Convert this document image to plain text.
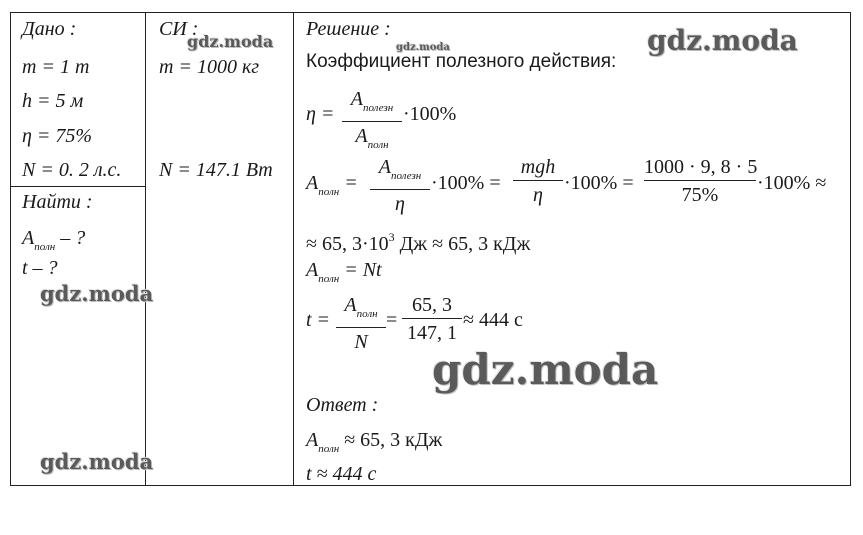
Дано :
m = 1 т
h = 5 м
η = 75%
N = 0. 2 л.с.
Найти :
$A_{полн}$ – ?
t – ?
СИ :
m = 1000 кг
N = 147.1 Вт
Решение :
Коэффициент полезного действия:
η =
$A_{полезн}$
$A_{полн}$
·100%
$A_{полн}$ =
$A_{полезн}$
η
·100% =
mgh
η
·100% =
1000 · 9, 8 · 5
75%
·100% ≈
≈ 65, $3\cdot 10^3$ Дж ≈ 65, 3 кДж
$A_{полн} = Nt$
t =
$A_{полн}$
N
=
65, 3
147, 1
≈ 444 с
Ответ :
$A_{полн} \approx 65$, 3 кДж
t ≈ 444 с
gdz.moda	gdz.moda	gdz.moda
gdz.moda
gdz.moda
gdz.moda
